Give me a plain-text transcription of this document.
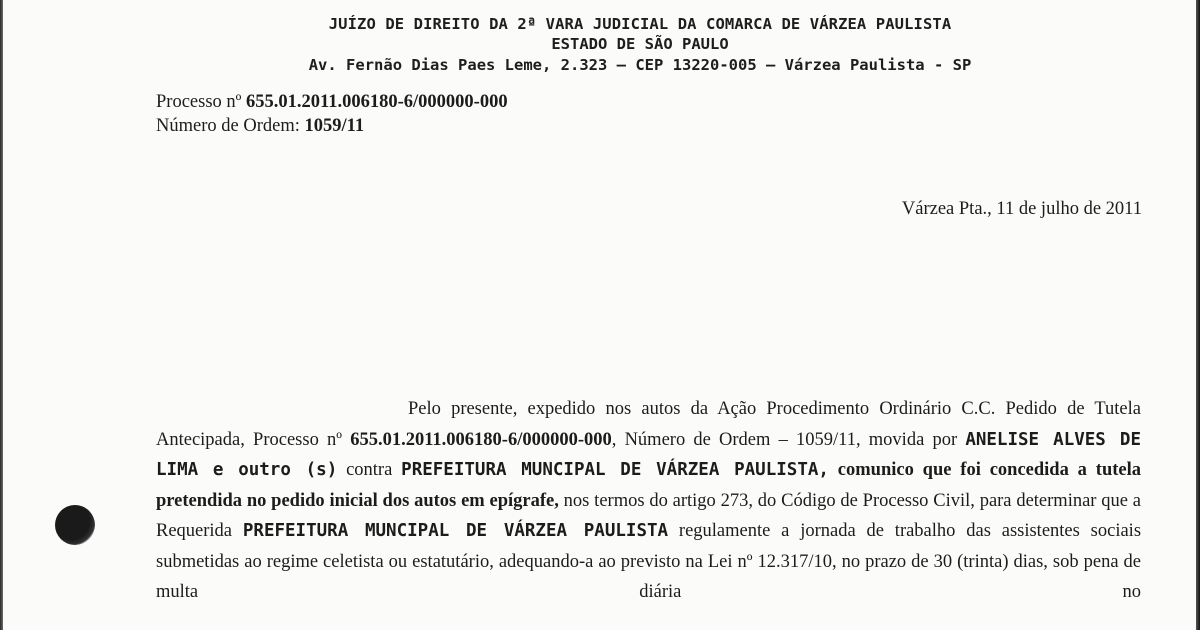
JUÍZO DE DIREITO DA 2ª VARA JUDICIAL DA COMARCA DE VÁRZEA PAULISTA
ESTADO DE SÃO PAULO
Av. Fernão Dias Paes Leme, 2.323 – CEP 13220-005 – Várzea Paulista - SP
Processo nº 655.01.2011.006180-6/000000-000
Número de Ordem: 1059/11
Várzea Pta., 11 de julho de 2011
Pelo presente, expedido nos autos da Ação Procedimento Ordinário C.C. Pedido de Tutela Antecipada, Processo nº 655.01.2011.006180-6/000000-000, Número de Ordem – 1059/11, movida por ANELISE ALVES DE LIMA e outro (s) contra PREFEITURA MUNCIPAL DE VÁRZEA PAULISTA, comunico que foi concedida a tutela pretendida no pedido inicial dos autos em epígrafe, nos termos do artigo 273, do Código de Processo Civil, para determinar que a Requerida PREFEITURA MUNCIPAL DE VÁRZEA PAULISTA regulamente a jornada de trabalho das assistentes sociais submetidas ao regime celetista ou estatutário, adequando-a ao previsto na Lei nº 12.317/10, no prazo de 30 (trinta) dias, sob pena de multa diária no
